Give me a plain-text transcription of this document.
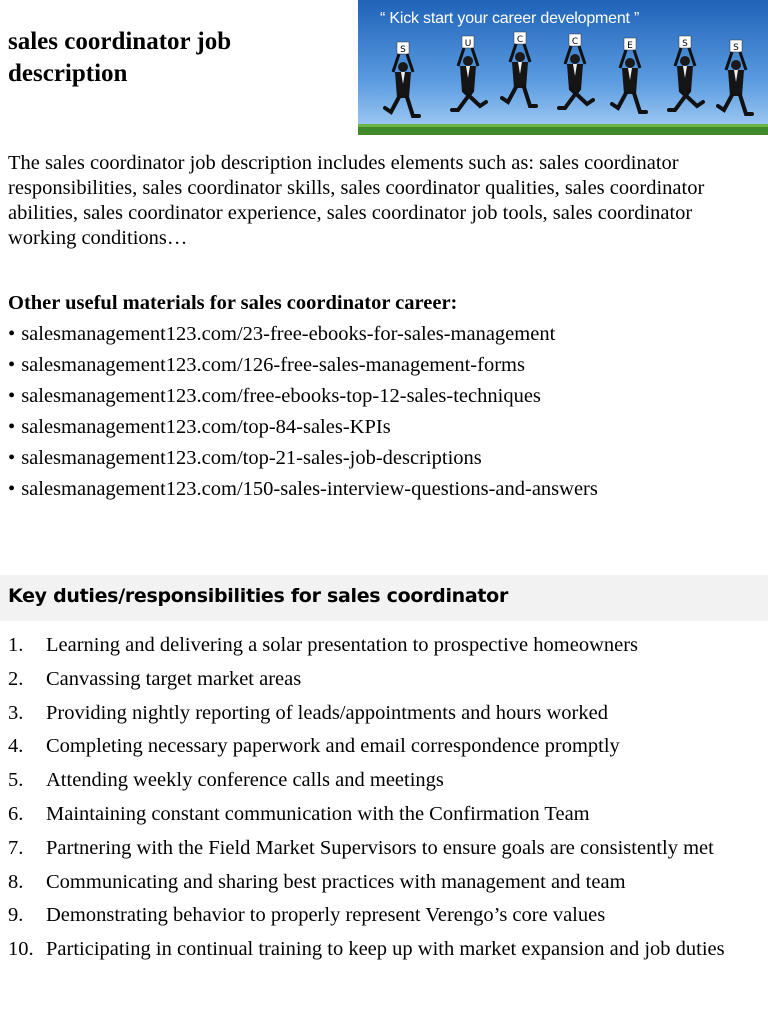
sales coordinator job description
S
U	C	C	E	S	S
“ Kick start your career development ”
The sales coordinator job description includes elements such as: sales coordinator responsibilities, sales coordinator skills, sales coordinator qualities, sales coordinator abilities, sales coordinator experience, sales coordinator job tools, sales coordinator working conditions…
Other useful materials for sales coordinator career:
• salesmanagement123.com/23-free-ebooks-for-sales-management
• salesmanagement123.com/126-free-sales-management-forms
• salesmanagement123.com/free-ebooks-top-12-sales-techniques
• salesmanagement123.com/top-84-sales-KPIs
• salesmanagement123.com/top-21-sales-job-descriptions
• salesmanagement123.com/150-sales-interview-questions-and-answers
Key duties/responsibilities for sales coordinator
1.	Learning and delivering a solar presentation to prospective homeowners
2.	Canvassing target market areas
3.	Providing nightly reporting of leads/appointments and hours worked
4.	Completing necessary paperwork and email correspondence promptly
5.	Attending weekly conference calls and meetings
6.	Maintaining constant communication with the Confirmation Team
7.	Partnering with the Field Market Supervisors to ensure goals are consistently met
8.	Communicating and sharing best practices with management and team
9.	Demonstrating behavior to properly represent Verengo’s core values
10. Participating in continual training to keep up with market expansion and job duties
